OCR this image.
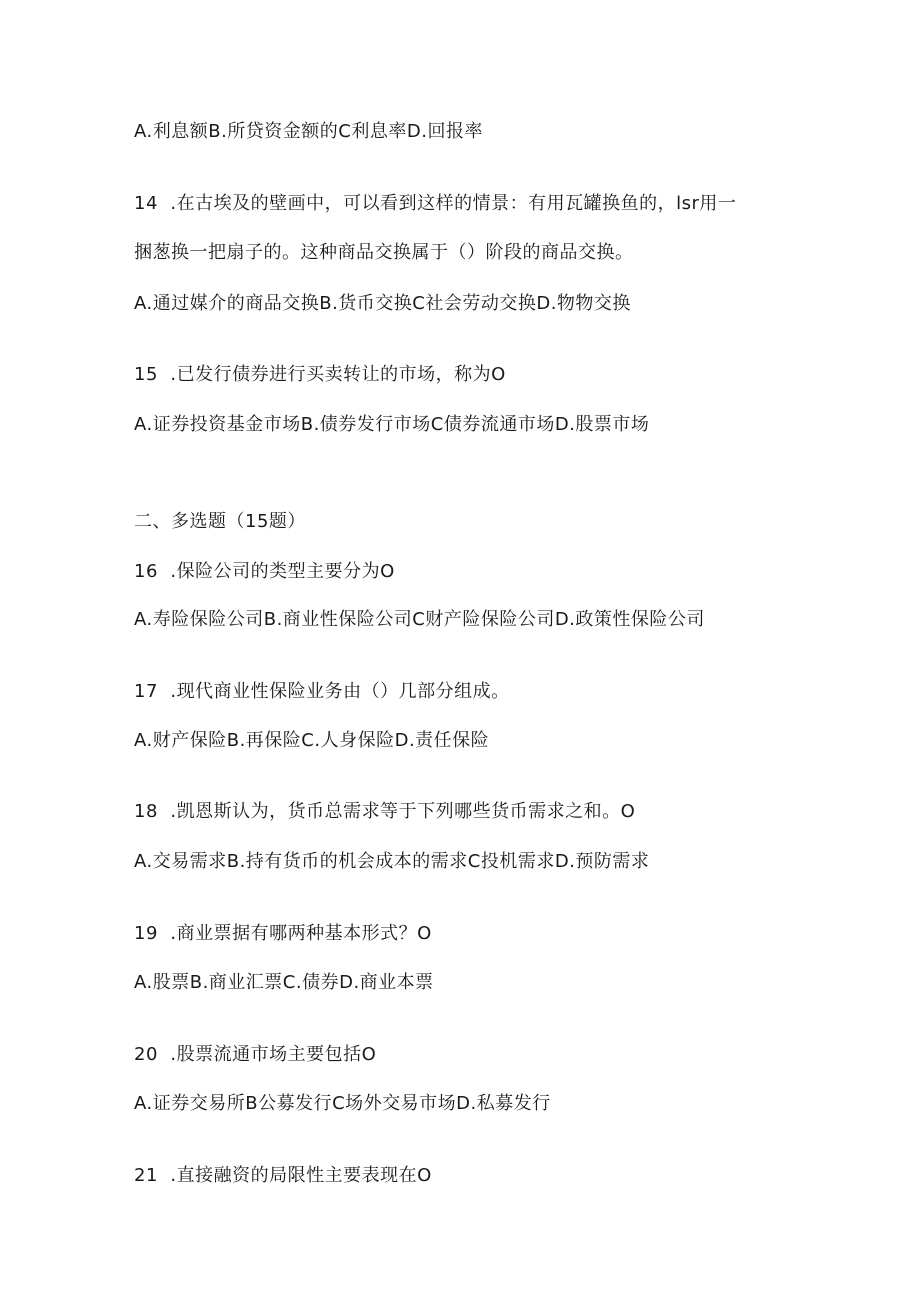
A.利息额B.所贷资金额的C利息率D.回报率
14  .在古埃及的壁画中，可以看到这样的情景：有用瓦罐换鱼的，lsr用一
捆葱换一把扇子的。这种商品交换属于（）阶段的商品交换。
A.通过媒介的商品交换B.货币交换C社会劳动交换D.物物交换
15  .已发行债券进行买卖转让的市场，称为O
A.证券投资基金市场B.债券发行市场C债券流通市场D.股票市场
二、多选题（15题）
16  .保险公司的类型主要分为O
A.寿险保险公司B.商业性保险公司C财产险保险公司D.政策性保险公司
17  .现代商业性保险业务由（）几部分组成。
A.财产保险B.再保险C.人身保险D.责任保险
18  .凯恩斯认为，货币总需求等于下列哪些货币需求之和。O
A.交易需求B.持有货币的机会成本的需求C投机需求D.预防需求
19  .商业票据有哪两种基本形式？O
A.股票B.商业汇票C.债券D.商业本票
20  .股票流通市场主要包括O
A.证券交易所B公募发行C场外交易市场D.私募发行
21  .直接融资的局限性主要表现在O
